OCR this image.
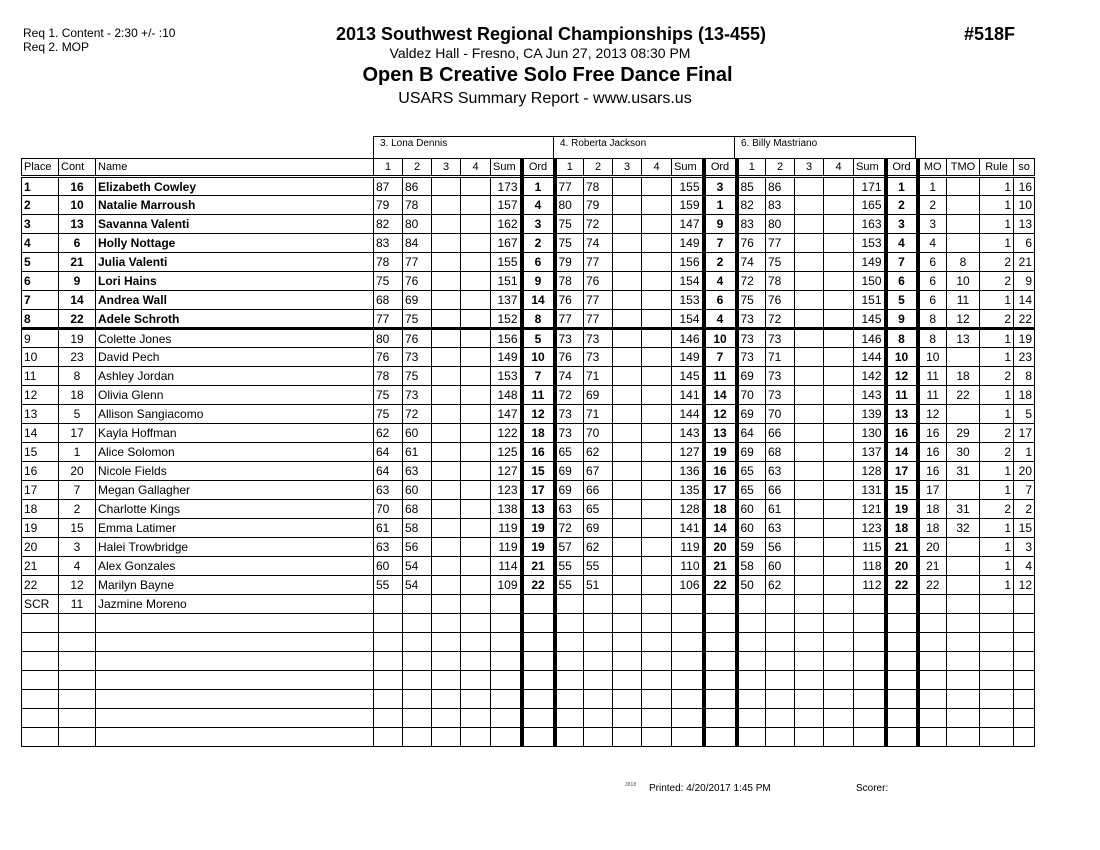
Req 1. Content - 2:30 +/- :10
Req 2. MOP
2013 Southwest Regional Championships (13-455)
Valdez Hall - Fresno, CA Jun 27, 2013 08:30 PM
Open B Creative Solo Free Dance Final
USARS Summary Report - www.usars.us
#518F
3. Lona Dennis	4. Roberta Jackson	6. Billy Mastriano
Place	Cont	Name	1	2	3	4	Sum	Ord	1	2	3	4	Sum	Ord	1	2	3	4	Sum	Ord	MO	TMO	Rule	so
1	16	Elizabeth Cowley	87	86			173	1	77	78			155	3	85	86			171	1	1		1	16
2	10	Natalie Marroush	79	78			157	4	80	79			159	1	82	83			165	2	2		1	10
3	13	Savanna Valenti	82	80			162	3	75	72			147	9	83	80			163	3	3		1	13
4	6	Holly Nottage	83	84			167	2	75	74			149	7	76	77			153	4	4		1	6
5	21	Julia Valenti	78	77			155	6	79	77			156	2	74	75			149	7	6	8	2	21
6	9	Lori Hains	75	76			151	9	78	76			154	4	72	78			150	6	6	10	2	9
7	14	Andrea Wall	68	69			137	14	76	77			153	6	75	76			151	5	6	11	1	14
8	22	Adele Schroth	77	75			152	8	77	77			154	4	73	72			145	9	8	12	2	22
9	19	Colette Jones	80	76			156	5	73	73			146	10	73	73			146	8	8	13	1	19
10	23	David Pech	76	73			149	10	76	73			149	7	73	71			144	10	10		1	23
11	8	Ashley Jordan	78	75			153	7	74	71			145	11	69	73			142	12	11	18	2	8
12	18	Olivia Glenn	75	73			148	11	72	69			141	14	70	73			143	11	11	22	1	18
13	5	Allison Sangiacomo	75	72			147	12	73	71			144	12	69	70			139	13	12		1	5
14	17	Kayla Hoffman	62	60			122	18	73	70			143	13	64	66			130	16	16	29	2	17
15	1	Alice Solomon	64	61			125	16	65	62			127	19	69	68			137	14	16	30	2	1
16	20	Nicole Fields	64	63			127	15	69	67			136	16	65	63			128	17	16	31	1	20
17	7	Megan Gallagher	63	60			123	17	69	66			135	17	65	66			131	15	17		1	7
18	2	Charlotte Kings	70	68			138	13	63	65			128	18	60	61			121	19	18	31	2	2
19	15	Emma Latimer	61	58			119	19	72	69			141	14	60	63			123	18	18	32	1	15
20	3	Halei Trowbridge	63	56			119	19	57	62			119	20	59	56			115	21	20		1	3
21	4	Alex Gonzales	60	54			114	21	55	55			110	21	58	60			118	20	21		1	4
22	12	Marilyn Bayne	55	54			109	22	55	51			106	22	50	62			112	22	22		1	12
SCR	11	Jazmine Moreno																						

3818 Printed: 4/20/2017 1:45 PM	Scorer:
